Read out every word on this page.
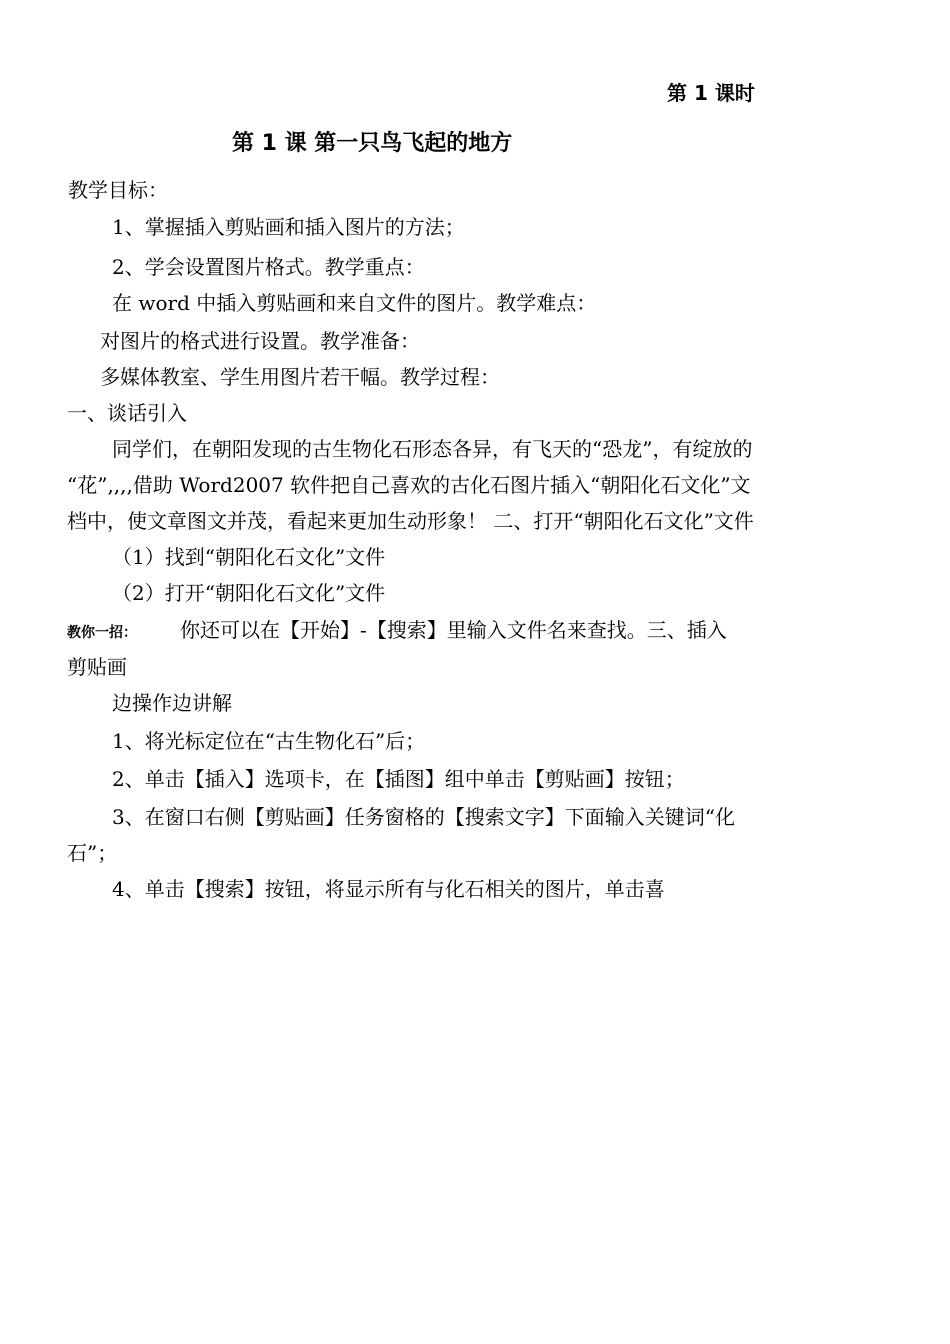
第 1 课时
第 1 课 第一只鸟飞起的地方
教学目标：
1、掌握插入剪贴画和插入图片的方法；
2、学会设置图片格式。教学重点：
在 word 中插入剪贴画和来自文件的图片。教学难点：
对图片的格式进行设置。教学准备：
多媒体教室、学生用图片若干幅。教学过程：
一、谈话引入
同学们，在朝阳发现的古生物化石形态各异，有飞天的“恐龙”，有绽放的
“花”,,,,借助 Word2007 软件把自己喜欢的古化石图片插入“朝阳化石文化”文
档中，使文章图文并茂，看起来更加生动形象！ 二、打开“朝阳化石文化”文件
（1）找到“朝阳化石文化”文件
（2）打开“朝阳化石文化”文件
教你一招： 你还可以在【开始】-【搜索】里输入文件名来查找。三、插入
剪贴画
边操作边讲解
1、将光标定位在“古生物化石”后；
2、单击【插入】选项卡，在【插图】组中单击【剪贴画】按钮；
3、在窗口右侧【剪贴画】任务窗格的【搜索文字】下面输入关键词“化
石”；
4、单击【搜索】按钮，将显示所有与化石相关的图片，单击喜
